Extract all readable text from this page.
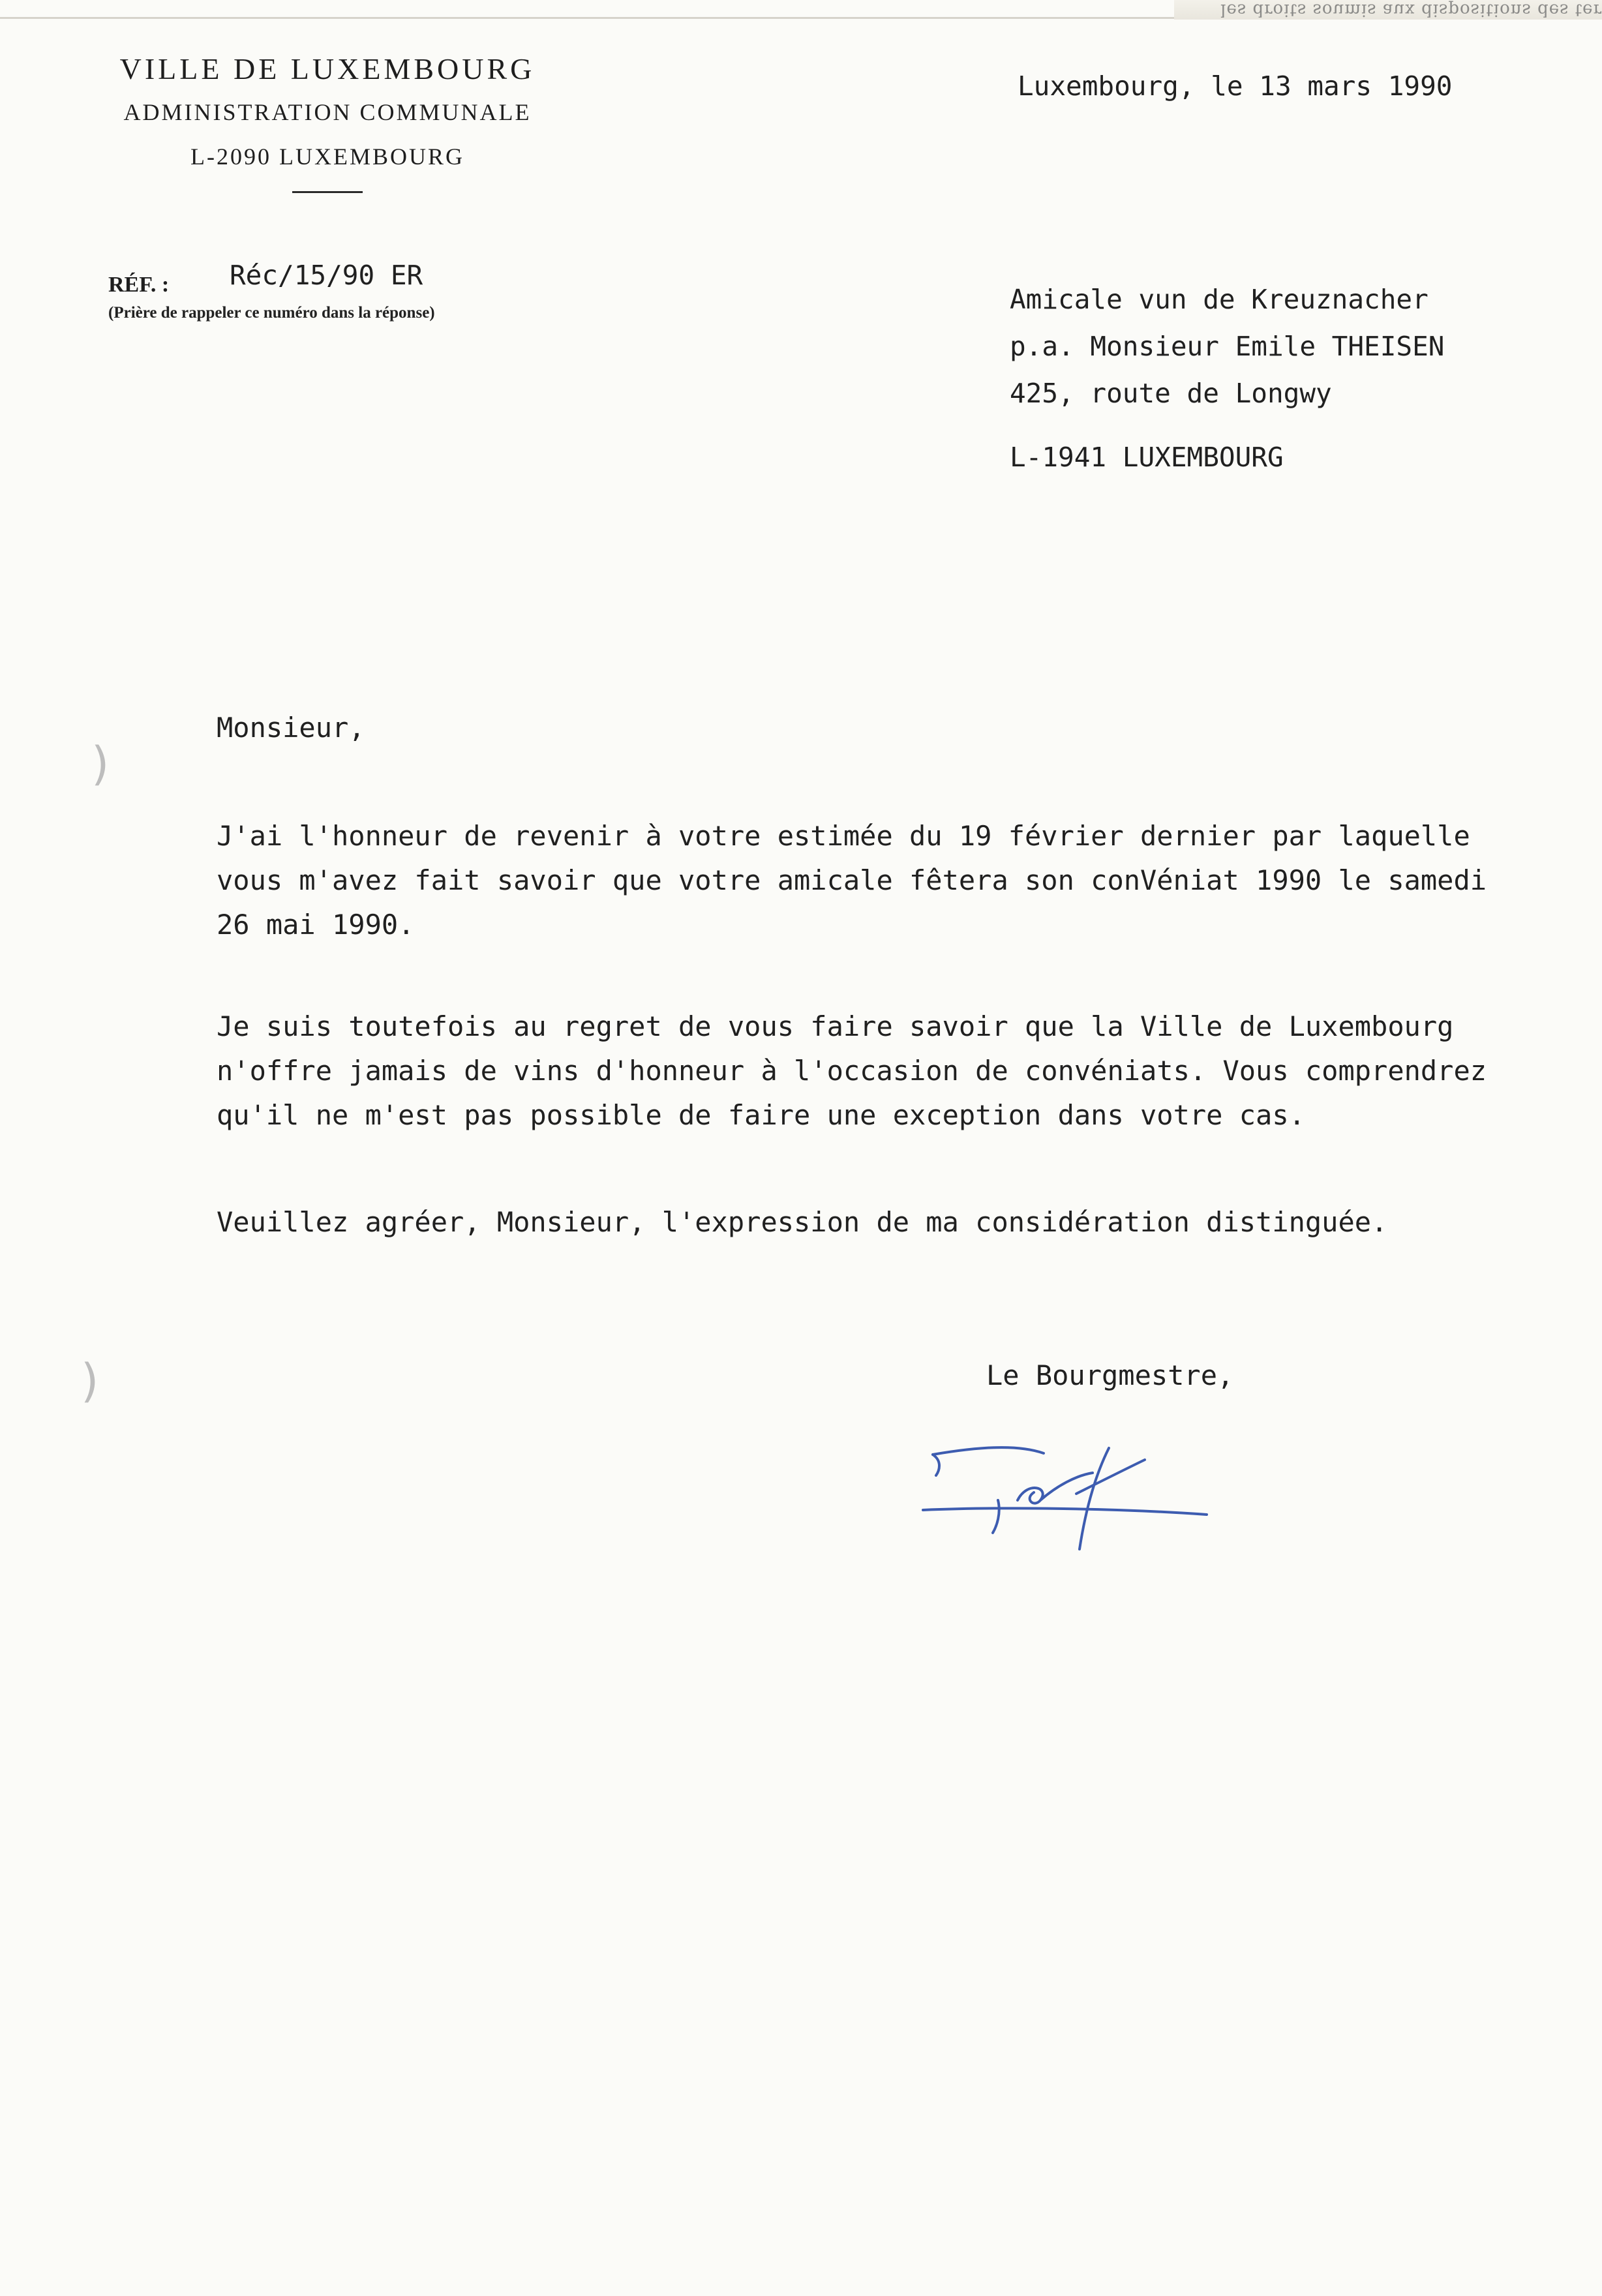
les droits soumis aux dispositions des ter
VILLE DE LUXEMBOURG
ADMINISTRATION COMMUNALE
L-2090 LUXEMBOURG
Luxembourg, le 13 mars 1990
RÉF. : Réc/15/90 ER
(Prière de rappeler ce numéro dans la réponse)	Amicale vun de Kreuznacher
p.a. Monsieur Emile THEISEN
425, route de Longwy
L-1941 LUXEMBOURG
Monsieur,
J'ai l'honneur de revenir à votre estimée du 19 février dernier par laquelle
vous m'avez fait savoir que votre amicale fêtera son conVéniat 1990 le samedi
26 mai 1990.
Je suis toutefois au regret de vous faire savoir que la Ville de Luxembourg
n'offre jamais de vins d'honneur à l'occasion de convéniats. Vous comprendrez
qu'il ne m'est pas possible de faire une exception dans votre cas.
Veuillez agréer, Monsieur, l'expression de ma considération distinguée.
Le Bourgmestre,
)
)
